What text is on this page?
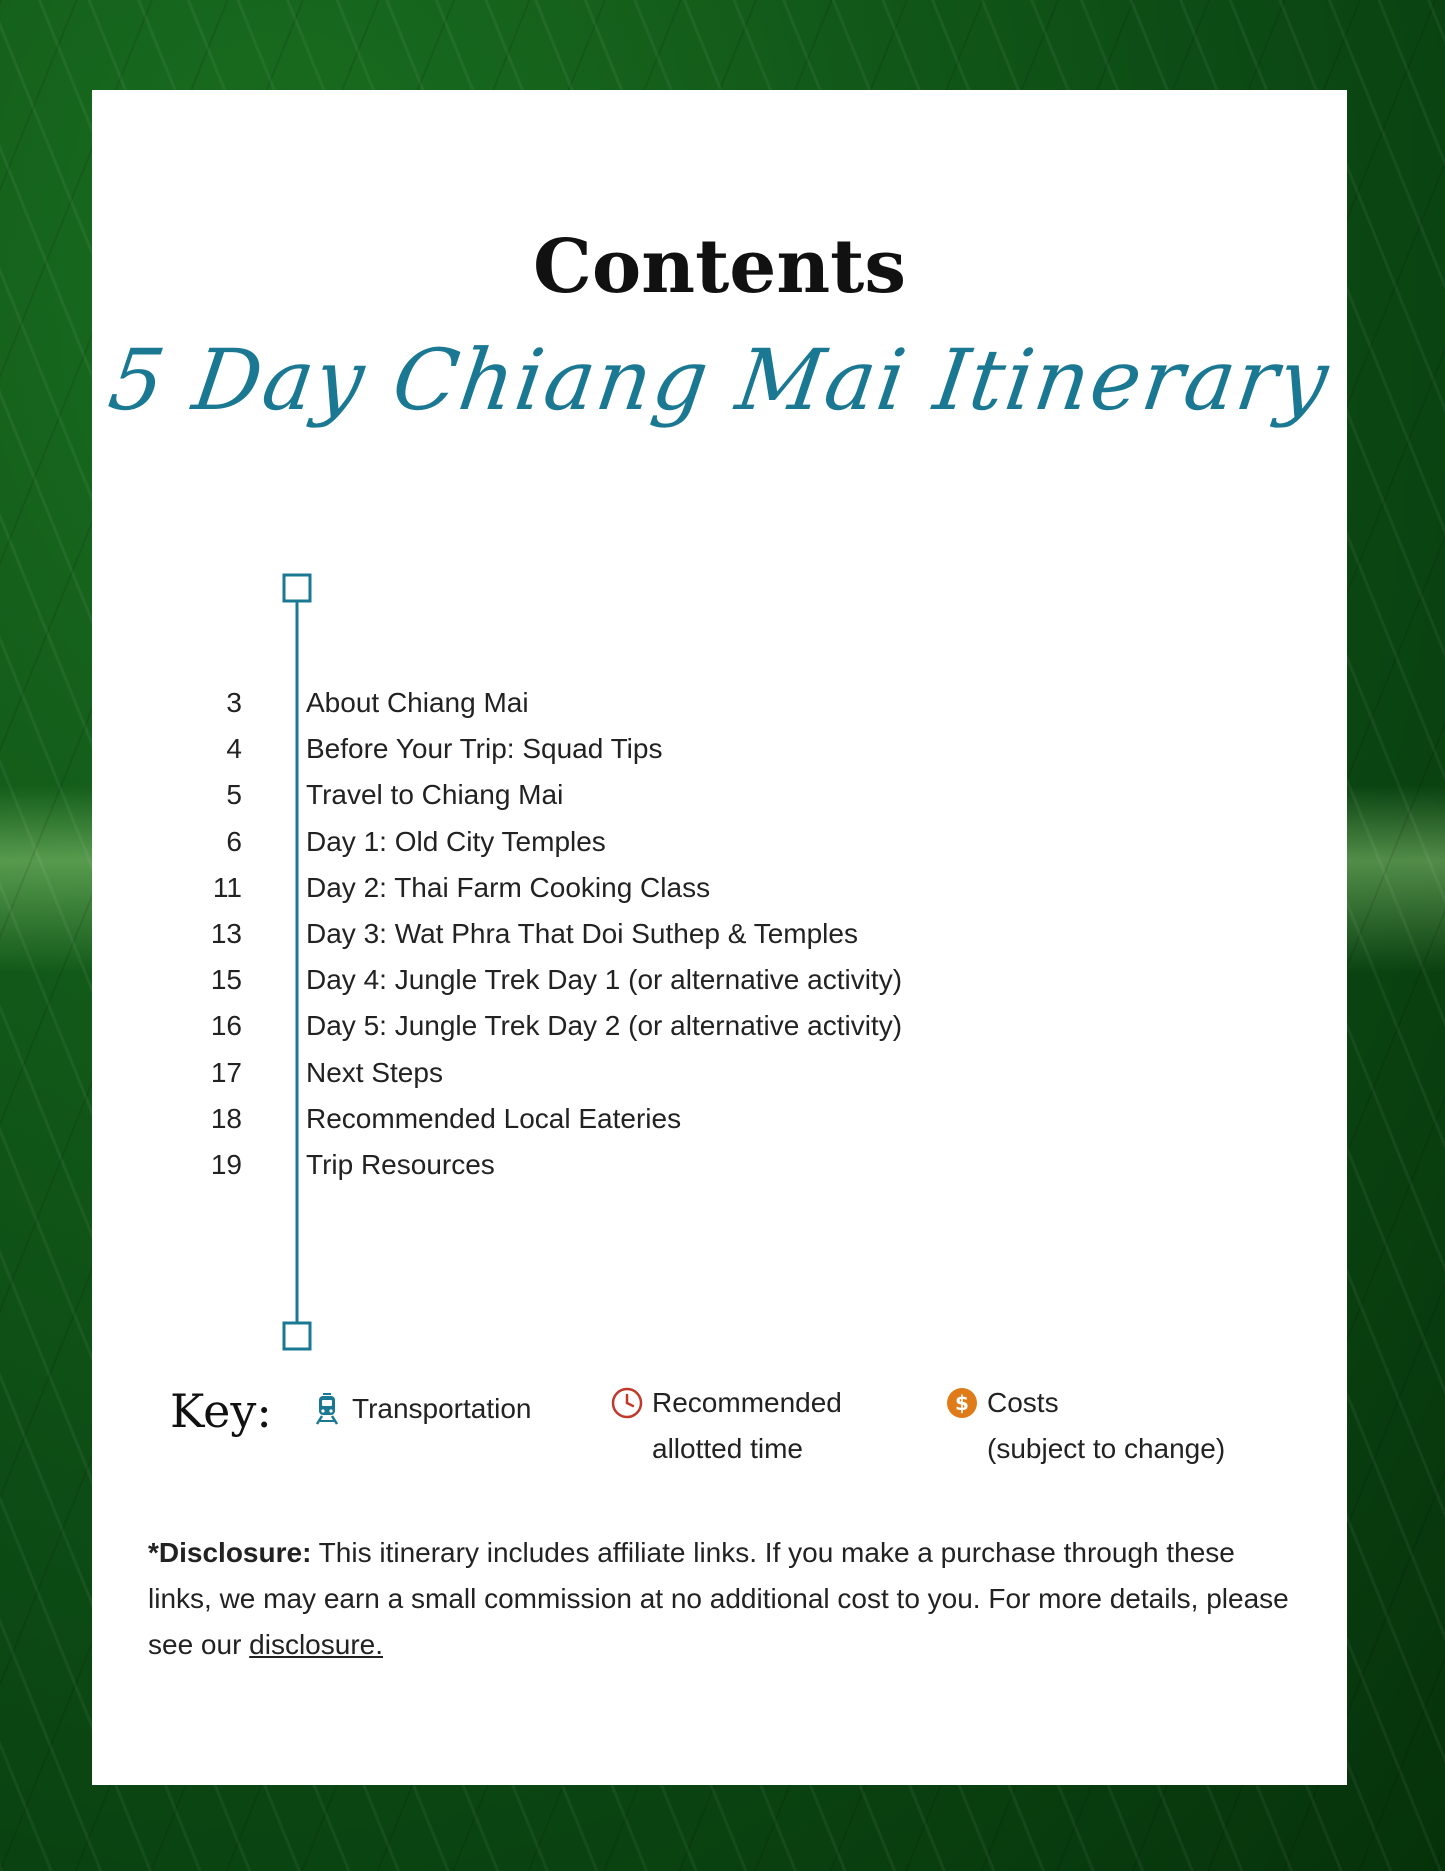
Contents
5 Day Chiang Mai Itinerary
3 About Chiang Mai
4 Before Your Trip: Squad Tips
5 Travel to Chiang Mai
6 Day 1: Old City Temples
11 Day 2: Thai Farm Cooking Class
13 Day 3: Wat Phra That Doi Suthep & Temples
15 Day 4: Jungle Trek Day 1 (or alternative activity)
16 Day 5: Jungle Trek Day 2 (or alternative activity)
17 Next Steps
18 Recommended Local Eateries
19 Trip Resources
Key:	Transportation	Recommended
allotted time
$ Costs
(subject to change)

*Disclosure: This itinerary includes affiliate links. If you make a purchase through these links, we may earn a small commission at no additional cost to you. For more details, please see our disclosure.
